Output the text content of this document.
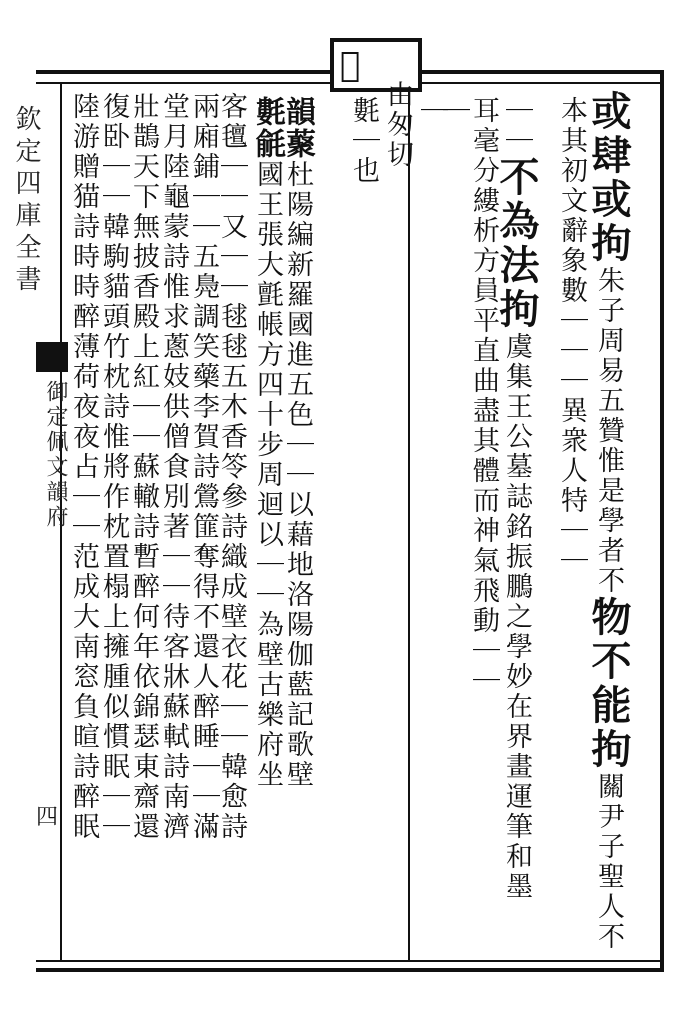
𨙴
欽定四庫全書
御定佩文韻府
四
或肆或拘朱子周易五贊惟是學者不物不能拘關尹子聖人不
本其初文辭象數｜｜｜異衆人特｜｜
｜｜不為法拘虞集王公墓誌銘振鵬之學妙在界畫運筆和墨
耳毫分縷析方員平直曲盡其體而神氣飛動｜｜
｜
｜
由匆切
氀｜也
韻藂杜陽編新羅國進五色｜｜以藉地洛陽伽藍記歌壁
氀毹國王張大氈帳方四十步周迴以｜｜為壁古樂府坐
客氊｜｜又｜｜毬毬五木香笭參詩織成壁衣花｜｜韓愈詩
兩廂鋪｜｜五鳧調笑藥李賀詩鶯篚奪得不還人醉睡｜｜滿
堂月陸龜蒙詩惟求蔥妓供僧食別著｜｜待客牀蘇軾詩南濟
壯鵲天下無披香殿上紅｜｜蘇轍詩暫醉何年依錦瑟東齋還
復卧｜｜韓駒貓頭竹枕詩惟將作枕置榻上擁腫似慣眠｜｜
陸游贈猫詩時時醉薄荷夜夜占｜｜范成大南窓負暄詩醉眠
